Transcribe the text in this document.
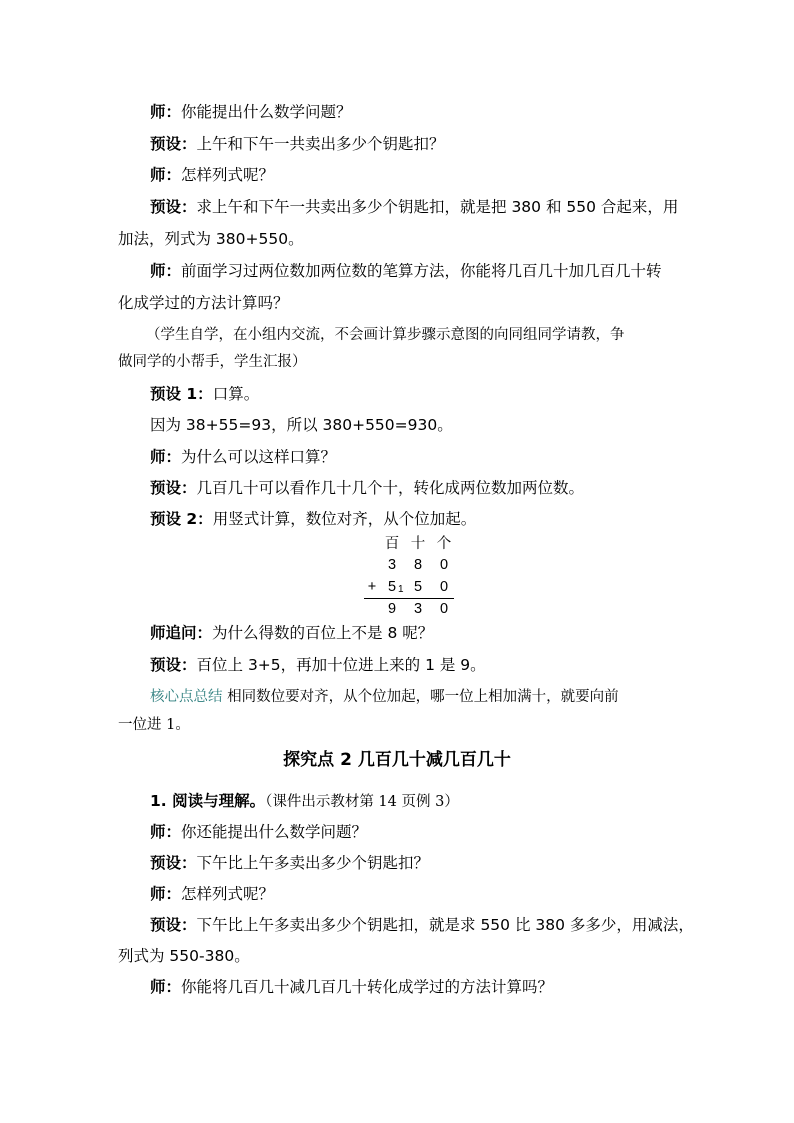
师：你能提出什么数学问题？
预设：上午和下午一共卖出多少个钥匙扣？
师：怎样列式呢？
预设：求上午和下午一共卖出多少个钥匙扣，就是把 380 和 550 合起来，用
加法，列式为 380+550。
师：前面学习过两位数加两位数的笔算方法，你能将几百几十加几百几十转
化成学过的方法计算吗？
（学生自学，在小组内交流，不会画计算步骤示意图的向同组同学请教，争
做同学的小帮手，学生汇报）
预设 1：口算。
因为 38+55=93，所以 380+550=930。
师：为什么可以这样口算？
预设：几百几十可以看作几十几个十，转化成两位数加两位数。
预设 2：用竖式计算，数位对齐，从个位加起。
百 十 个
3 8 0
+ 5 1 5 0
9 3 0
师追问：为什么得数的百位上不是 8 呢？
预设：百位上 3+5，再加十位进上来的 1 是 9。
核心点总结 相同数位要对齐，从个位加起，哪一位上相加满十，就要向前
一位进 1。
探究点 2 几百几十减几百几十
1. 阅读与理解。（课件出示教材第 14 页例 3）
师：你还能提出什么数学问题？
预设：下午比上午多卖出多少个钥匙扣？
师：怎样列式呢？
预设：下午比上午多卖出多少个钥匙扣，就是求 550 比 380 多多少，用减法，
列式为 550-380。
师：你能将几百几十减几百几十转化成学过的方法计算吗？
